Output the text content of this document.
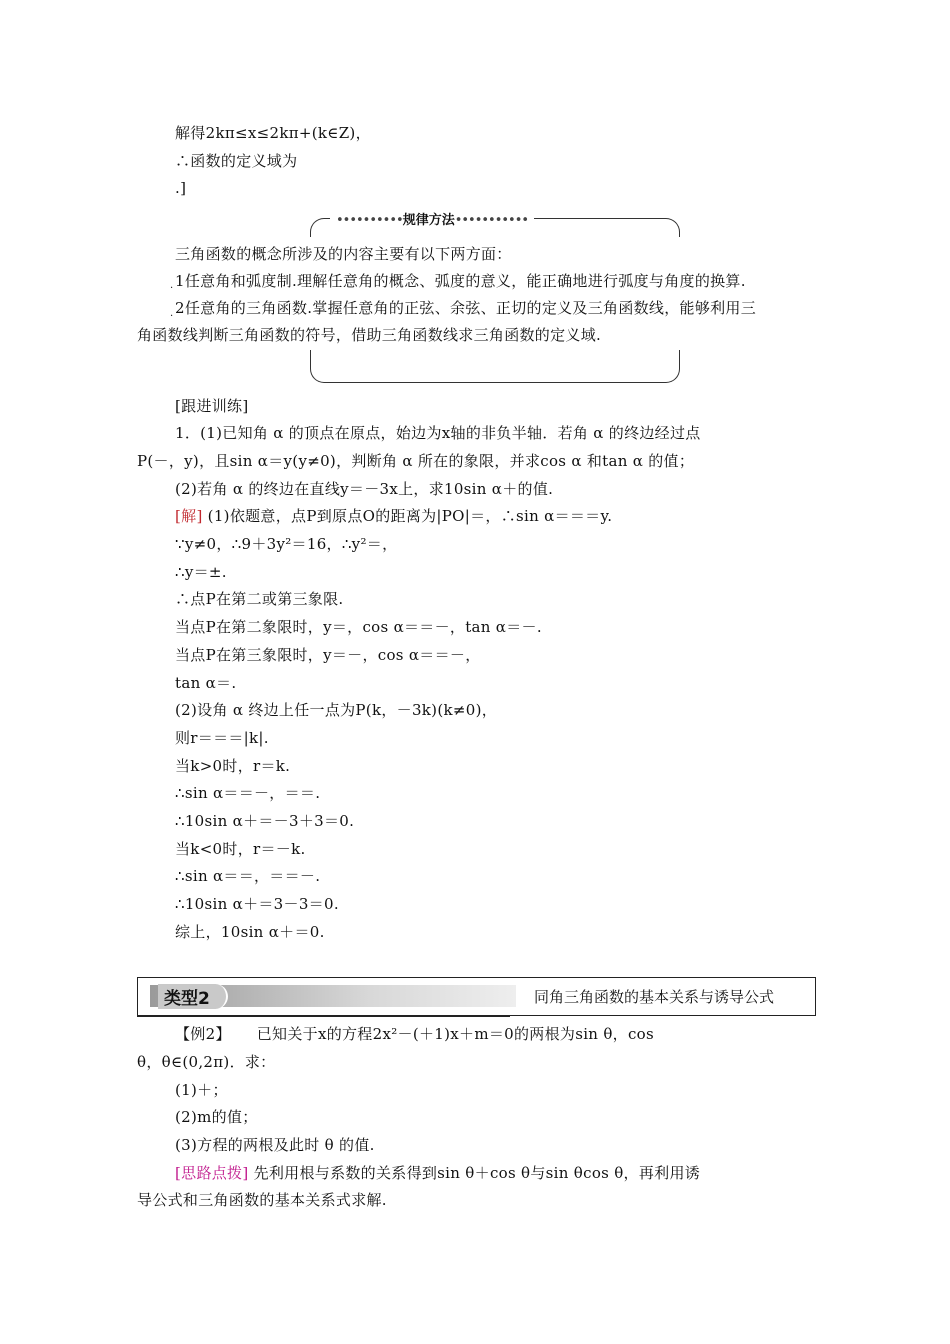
解得2kπ≤x≤2kπ+(k∈Z)，
∴函数的定义域为
.]
••••••••••规律方法•••••••••••
三角函数的概念所涉及的内容主要有以下两方面：
. 1任意角和弧度制.理解任意角的概念、弧度的意义，能正确地进行弧度与角度的换算.
. 2任意角的三角函数.掌握任意角的正弦、余弦、正切的定义及三角函数线，能够利用三
角函数线判断三角函数的符号，借助三角函数线求三角函数的定义域.
[跟进训练]
1．(1)已知角 α 的顶点在原点，始边为x轴的非负半轴．若角 α 的终边经过点
P(－，y)，且sin α＝y(y≠0)，判断角 α 所在的象限，并求cos α 和tan α 的值；
(2)若角 α 的终边在直线y＝－3x上，求10sin α＋的值.
[解] (1)依题意，点P到原点O的距离为|PO|＝，∴sin α＝＝＝y.
∵y≠0，∴9＋3y²＝16，∴y²＝，
∴y＝±.
∴点P在第二或第三象限.
当点P在第二象限时，y＝，cos α＝＝－，tan α＝－.
当点P在第三象限时，y＝－，cos α＝＝－，
tan α＝.
(2)设角 α 终边上任一点为P(k，－3k)(k≠0)，
则r＝＝＝|k|.
当k>0时，r＝k.
∴sin α＝＝－，＝＝.
∴10sin α＋＝－3＋3＝0.
当k<0时，r＝－k.
∴sin α＝＝，＝＝－.
∴10sin α＋＝3－3＝0.
综上，10sin α＋＝0.
类型2	同角三角函数的基本关系与诱导公式
【例2】 已知关于x的方程2x²－(＋1)x＋m＝0的两根为sin θ，cos
θ，θ∈(0,2π)．求：
(1)＋；
(2)m的值；
(3)方程的两根及此时 θ 的值.
[思路点拨] 先利用根与系数的关系得到sin θ＋cos θ与sin θcos θ，再利用诱
导公式和三角函数的基本关系式求解.
